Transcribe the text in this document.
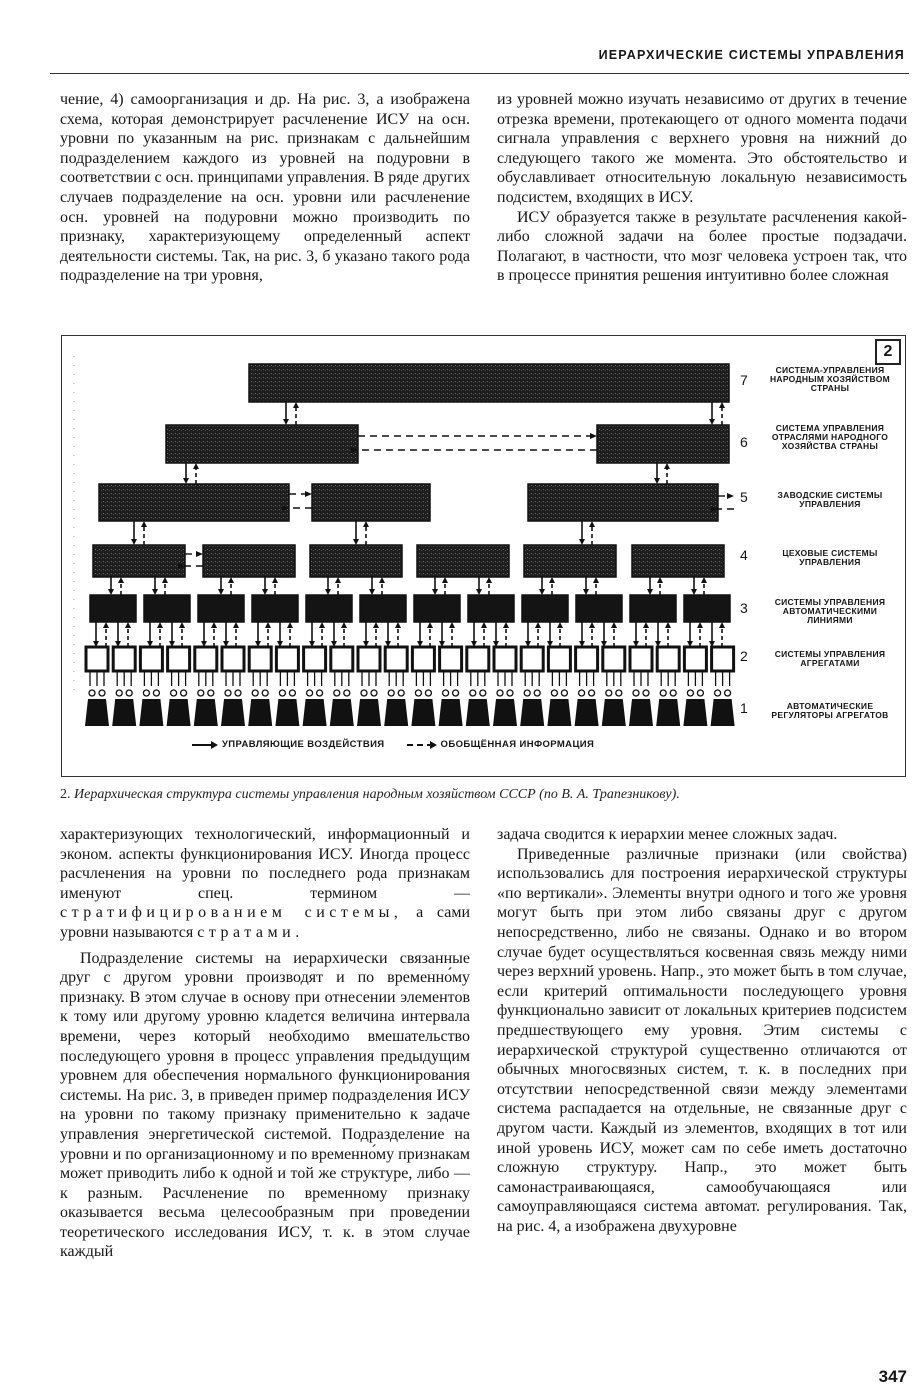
ИЕРАРХИЧЕСКИЕ СИСТЕМЫ УПРАВЛЕНИЯ

чение, 4) самоорганизация и др. На рис. 3, а изображена схема, которая демонстрирует расчленение ИСУ на осн. уровни по указанным на рис. признакам с дальнейшим подразделением каждого из уровней на подуровни в соответствии с осн. принципами управления. В ряде других случаев подразделение на осн. уровни или расчленение осн. уровней на подуровни можно производить по признаку, характеризующему определенный аспект деятельности системы. Так, на рис. 3, б указано такого рода подразделение на три уровня,

из уровней можно изучать независимо от других в течение отрезка времени, протекающего от одного момента подачи сигнала управления с верхнего уровня на нижний до следующего такого же момента. Это обстоятельство и обуславливает относительную локальную независимость подсистем, входящих в ИСУ.

ИСУ образуется также в результате расчленения какой-либо сложной задачи на более простые подзадачи. Полагают, в частности, что мозг человека устроен так, что в процессе принятия решения интуитивно более сложная

2
7
СИСТЕМА-УПРАВЛЕНИЯ НАРОДНЫМ ХОЗЯЙСТВОМ СТРАНЫ
6
СИСТЕМА УПРАВЛЕНИЯ ОТРАСЛЯМИ НАРОДНОГО ХОЗЯЙСТВА СТРАНЫ
5	ЗАВОДСКИЕ СИСТЕМЫ УПРАВЛЕНИЯ
4	ЦЕХОВЫЕ СИСТЕМЫ УПРАВЛЕНИЯ
3	СИСТЕМЫ УПРАВЛЕНИЯ АВТОМАТИЧЕСКИМИ ЛИНИЯМИ
2	СИСТЕМЫ УПРАВЛЕНИЯ АГРЕГАТАМИ
1	АВТОМАТИЧЕСКИЕ РЕГУЛЯТОРЫ АГРЕГАТОВ
УПРАВЛЯЮЩИЕ ВОЗДЕЙСТВИЯ	ОБОБЩЁННАЯ ИНФОРМАЦИЯ
2. Иерархическая структура системы управления народным хозяйством СССР (по В. А. Трапезникову).

характеризующих технологический, информационный и эконом. аспекты функционирования ИСУ. Иногда процесс расчленения на уровни по последнего рода признакам именуют спец. термином — стратифицированием системы, а сами уровни называются стратами.

Подразделение системы на иерархически связанные друг с другом уровни производят и по временно́му признаку. В этом случае в основу при отнесении элементов к тому или другому уровню кладется величина интервала времени, через который необходимо вмешательство последующего уровня в процесс управления предыдущим уровнем для обеспечения нормального функционирования системы. На рис. 3, в приведен пример подразделения ИСУ на уровни по такому признаку применительно к задаче управления энергетической системой. Подразделение на уровни и по организационному и по временно́му признакам может приводить либо к одной и той же структуре, либо — к разным. Расчленение по временному признаку оказывается весьма целесообразным при проведении теоретического исследования ИСУ, т. к. в этом случае каждый

задача сводится к иерархии менее сложных задач.

Приведенные различные признаки (или свойства) использовались для построения иерархической структуры «по вертикали». Элементы внутри одного и того же уровня могут быть при этом либо связаны друг с другом непосредственно, либо не связаны. Однако и во втором случае будет осуществляться косвенная связь между ними через верхний уровень. Напр., это может быть в том случае, если критерий оптимальности последующего уровня функционально зависит от локальных критериев подсистем предшествующего ему уровня. Этим системы с иерархической структурой существенно отличаются от обычных многосвязных систем, т. к. в последних при отсутствии непосредственной связи между элементами система распадается на отдельные, не связанные друг с другом части. Каждый из элементов, входящих в тот или иной уровень ИСУ, может сам по себе иметь достаточно сложную структуру. Напр., это может быть самонастраивающаяся, самообучающаяся или самоуправляющаяся система автомат. регулирования. Так, на рис. 4, а изображена двухуровне

347
